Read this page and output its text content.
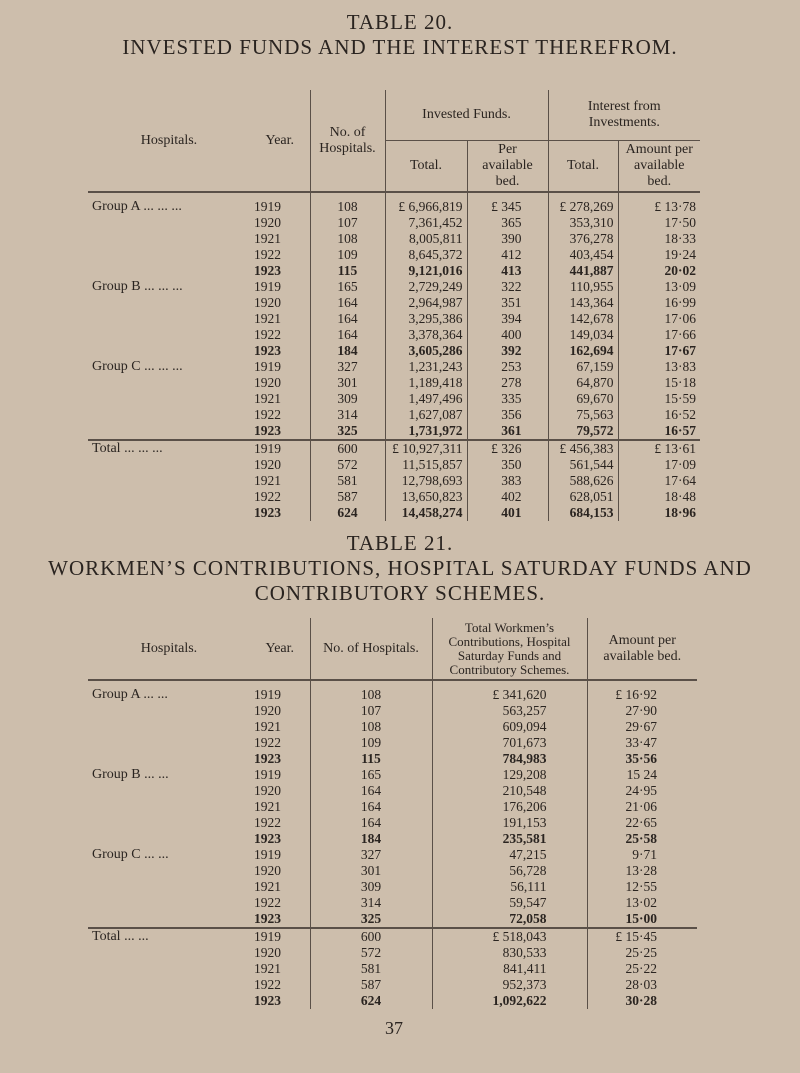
TABLE 20.
INVESTED FUNDS AND THE INTEREST THEREFROM.
Hospitals.	Year.	No. of Hospitals.	Invested Funds.		Interest from Investments.	
			Total.	Per available bed.	Total.	Amount per available bed.
Group A ... ... ...	1919	108	£ 6,966,819	£ 345	£ 278,269	£ 13·78
	1920	107	7,361,452	365	353,310	17·50
	1921	108	8,005,811	390	376,278	18·33
	1922	109	8,645,372	412	403,454	19·24
	1923	115	9,121,016	413	441,887	20·02
Group B ... ... ...	1919	165	2,729,249	322	110,955	13·09
	1920	164	2,964,987	351	143,364	16·99
	1921	164	3,295,386	394	142,678	17·06
	1922	164	3,378,364	400	149,034	17·66
	1923	184	3,605,286	392	162,694	17·67
Group C ... ... ...	1919	327	1,231,243	253	67,159	13·83
	1920	301	1,189,418	278	64,870	15·18
	1921	309	1,497,496	335	69,670	15·59
	1922	314	1,627,087	356	75,563	16·52
	1923	325	1,731,972	361	79,572	16·57
Total ... ... ...	1919	600	£ 10,927,311	£ 326	£ 456,383	£ 13·61
	1920	572	11,515,857	350	561,544	17·09
	1921	581	12,798,693	383	588,626	17·64
	1922	587	13,650,823	402	628,051	18·48
	1923	624	14,458,274	401	684,153	18·96
TABLE 21.
WORKMEN’S CONTRIBUTIONS, HOSPITAL SATURDAY FUNDS AND
CONTRIBUTORY SCHEMES.
Hospitals.	Year.	No. of Hospitals.	Total Workmen’s Contributions, Hospital Saturday Funds and Contributory Schemes.	Amount per available bed.
Group A ... ...	1919	108	£ 341,620	£ 16·92
	1920	107	563,257	27·90
	1921	108	609,094	29·67
	1922	109	701,673	33·47
	1923	115	784,983	35·56
Group B ... ...	1919	165	129,208	15 24
	1920	164	210,548	24·95
	1921	164	176,206	21·06
	1922	164	191,153	22·65
	1923	184	235,581	25·58
Group C ... ...	1919	327	47,215	9·71
	1920	301	56,728	13·28
	1921	309	56,111	12·55
	1922	314	59,547	13·02
	1923	325	72,058	15·00
Total ... ...	1919	600	£ 518,043	£ 15·45
	1920	572	830,533	25·25
	1921	581	841,411	25·22
	1922	587	952,373	28·03
	1923	624	1,092,622	30·28
37
